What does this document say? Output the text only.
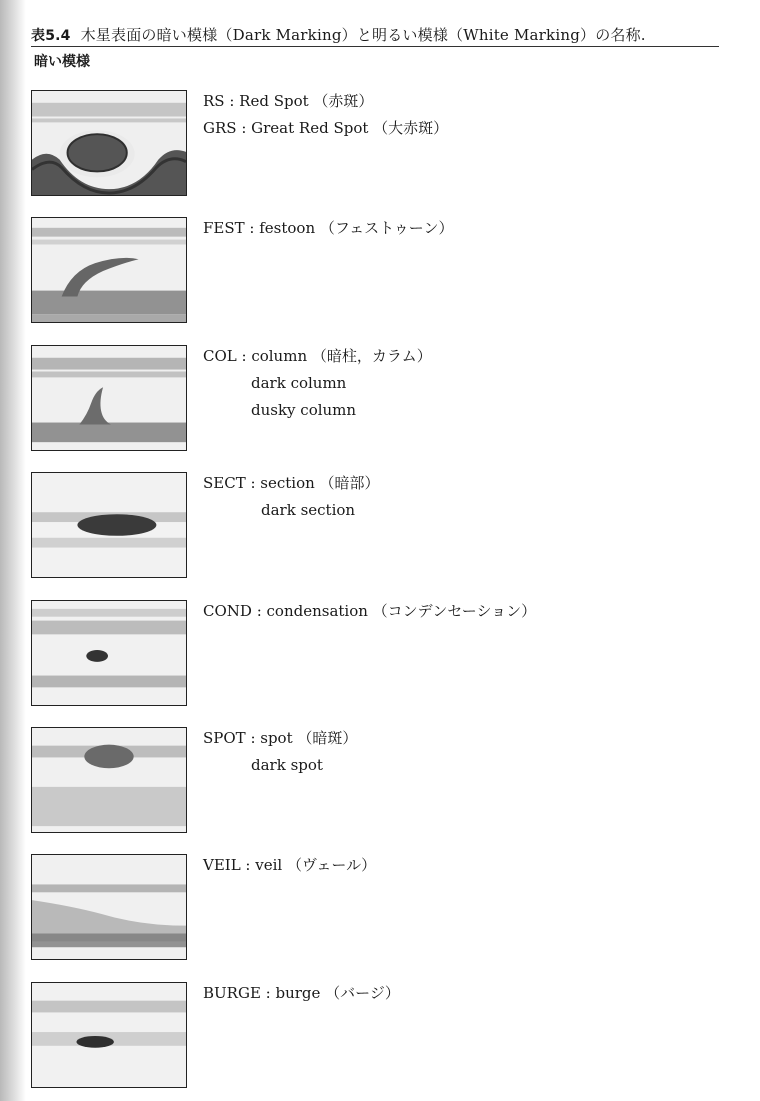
表5.4 木星表面の暗い模様（Dark Marking）と明るい模様（White Marking）の名称.
暗い模様
RS : Red Spot （赤斑）
GRS : Great Red Spot （大赤斑）
FEST : festoon （フェストゥーン）
COL : column （暗柱，カラム）
dark column
dusky column
SECT : section （暗部）
dark section
COND : condensation （コンデンセーション）
SPOT : spot （暗斑）
dark spot
VEIL : veil （ヴェール）
BURGE : burge （バージ）
